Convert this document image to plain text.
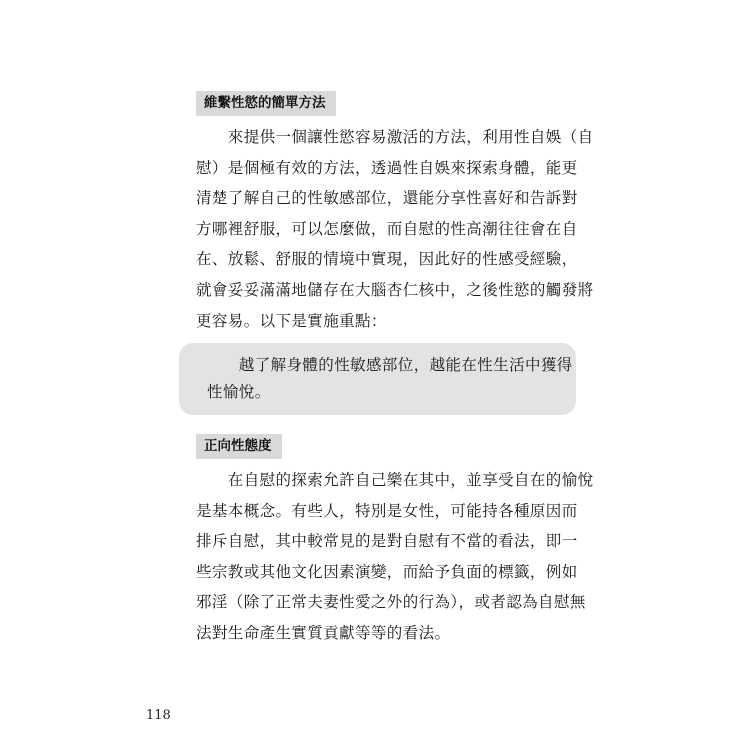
維繫性慾的簡單方法

　　來提供一個讓性慾容易激活的方法，利用性自娛（自
慰）是個極有效的方法，透過性自娛來探索身體，能更
清楚了解自己的性敏感部位，還能分享性喜好和告訴對
方哪裡舒服，可以怎麼做，而自慰的性高潮往往會在自
在、放鬆、舒服的情境中實現，因此好的性感受經驗，
就會妥妥滿滿地儲存在大腦杏仁核中，之後性慾的觸發將
更容易。以下是實施重點：

　　越了解身體的性敏感部位，越能在性生活中獲得
性愉悅。

正向性態度

　　在自慰的探索允許自己樂在其中，並享受自在的愉悅
是基本概念。有些人，特別是女性，可能持各種原因而
排斥自慰，其中較常見的是對自慰有不當的看法，即一
些宗教或其他文化因素演變，而給予負面的標籤，例如
邪淫（除了正常夫妻性愛之外的行為），或者認為自慰無
法對生命產生實質貢獻等等的看法。

118
